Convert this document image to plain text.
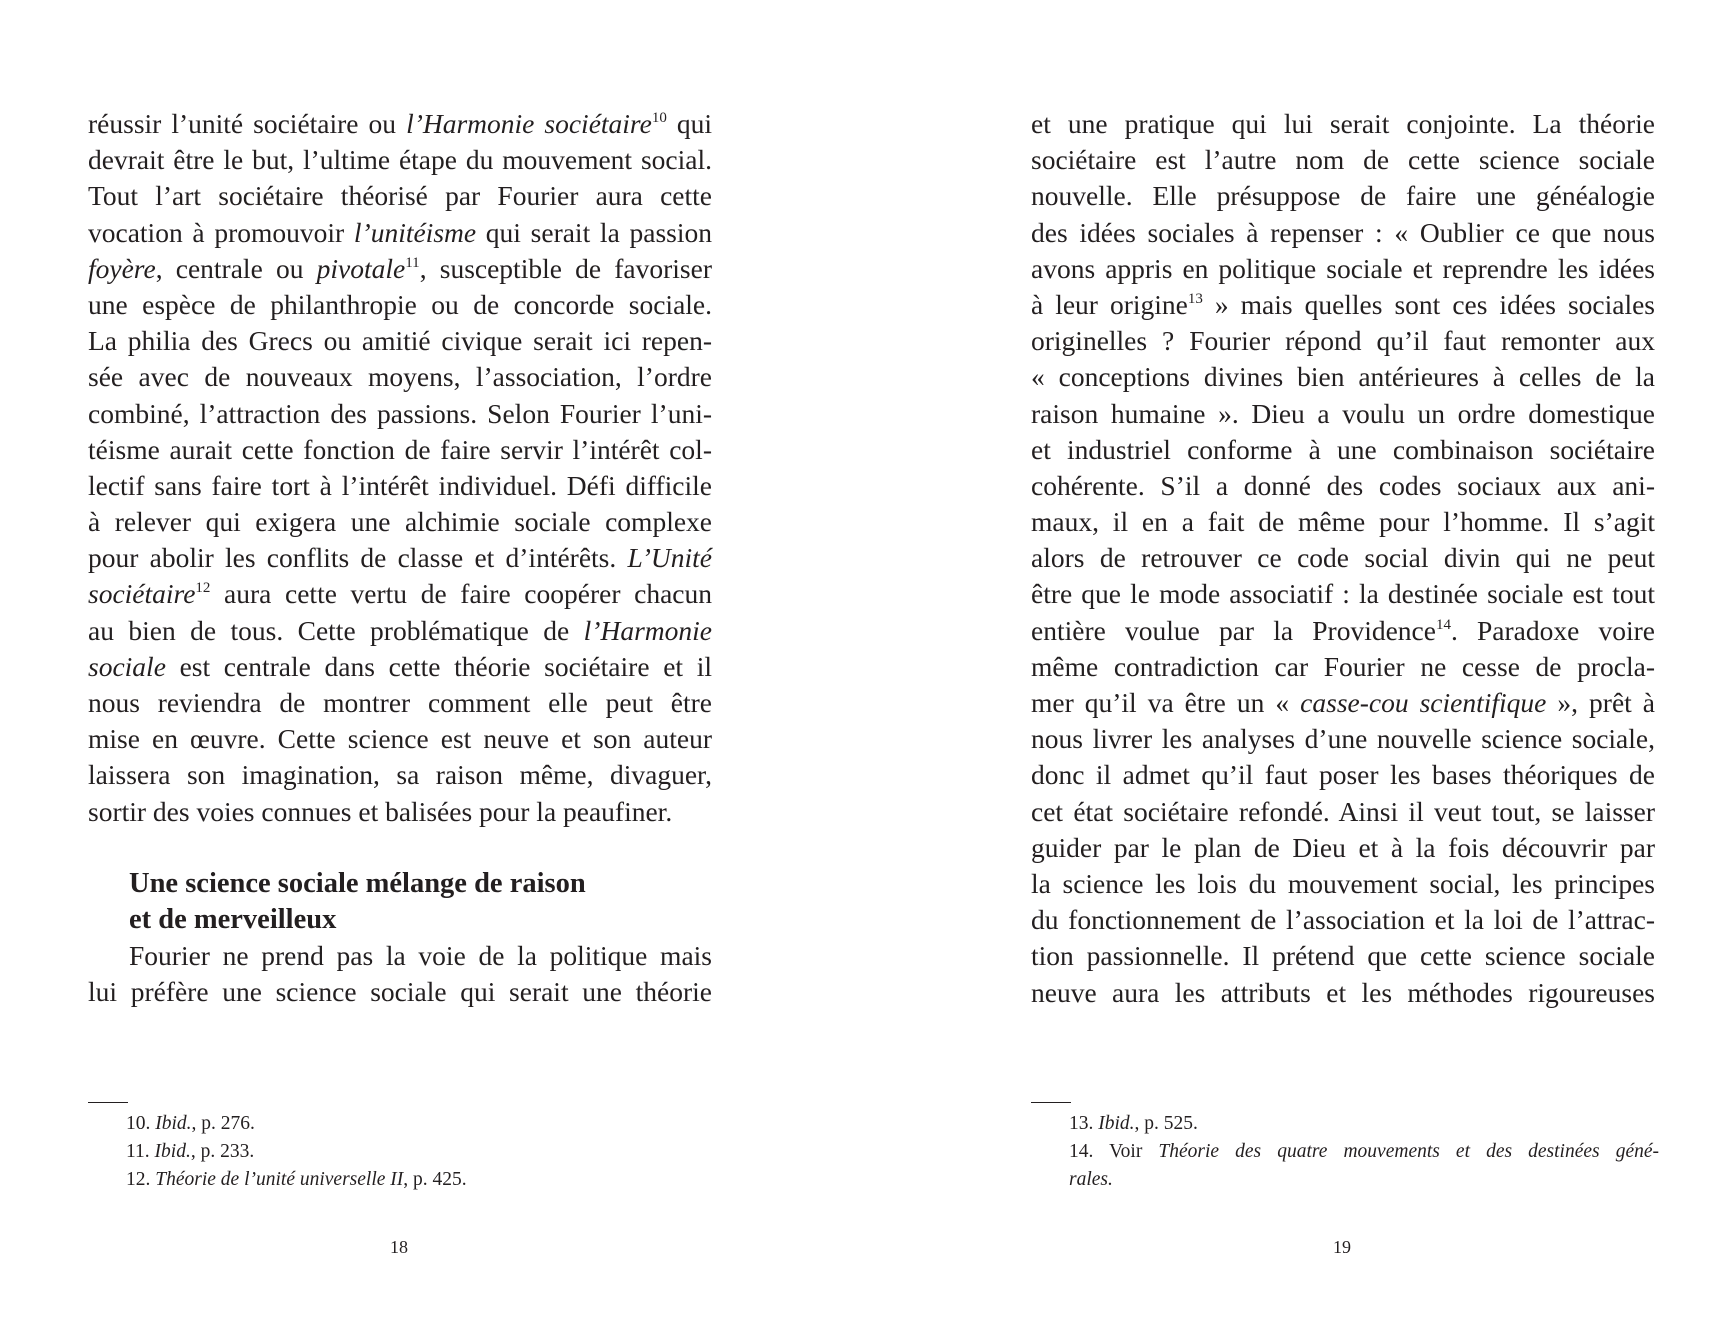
réussir l’unité sociétaire ou l’Harmonie sociétaire$^{10}$ qui
devrait être le but, l’ultime étape du mouvement social.
Tout l’art sociétaire théorisé par Fourier aura cette
vocation à promouvoir l’unitéisme qui serait la passion
foyère, centrale ou pivotale$^{11}$, susceptible de favoriser
une espèce de philanthropie ou de concorde sociale.
La philia des Grecs ou amitié civique serait ici repen-
sée avec de nouveaux moyens, l’association, l’ordre
combiné, l’attraction des passions. Selon Fourier l’uni-
téisme aurait cette fonction de faire servir l’intérêt col-
lectif sans faire tort à l’intérêt individuel. Défi difficile
à relever qui exigera une alchimie sociale complexe
pour abolir les conflits de classe et d’intérêts. L’Unité
sociétaire$^{12}$ aura cette vertu de faire coopérer chacun
au bien de tous. Cette problématique de l’Harmonie
sociale est centrale dans cette théorie sociétaire et il
nous reviendra de montrer comment elle peut être
mise en œuvre. Cette science est neuve et son auteur
laissera son imagination, sa raison même, divaguer,
sortir des voies connues et balisées pour la peaufiner.
Une science sociale mélange de raison
et de merveilleux
Fourier ne prend pas la voie de la politique mais
lui préfère une science sociale qui serait une théorie
10. Ibid., p. 276.
11. Ibid., p. 233.
12. Théorie de l’unité universelle II, p. 425.
18
et une pratique qui lui serait conjointe. La théorie
sociétaire est l’autre nom de cette science sociale
nouvelle. Elle présuppose de faire une généalogie
des idées sociales à repenser : « Oublier ce que nous
avons appris en politique sociale et reprendre les idées
à leur origine$^{13}$ » mais quelles sont ces idées sociales
originelles ? Fourier répond qu’il faut remonter aux
« conceptions divines bien antérieures à celles de la
raison humaine ». Dieu a voulu un ordre domestique
et industriel conforme à une combinaison sociétaire
cohérente. S’il a donné des codes sociaux aux ani-
maux, il en a fait de même pour l’homme. Il s’agit
alors de retrouver ce code social divin qui ne peut
être que le mode associatif : la destinée sociale est tout
entière voulue par la Providence$^{14}$. Paradoxe voire
même contradiction car Fourier ne cesse de procla-
mer qu’il va être un « casse-cou scientifique », prêt à
nous livrer les analyses d’une nouvelle science sociale,
donc il admet qu’il faut poser les bases théoriques de
cet état sociétaire refondé. Ainsi il veut tout, se laisser
guider par le plan de Dieu et à la fois découvrir par
la science les lois du mouvement social, les principes
du fonctionnement de l’association et la loi de l’attrac-
tion passionnelle. Il prétend que cette science sociale
neuve aura les attributs et les méthodes rigoureuses
13. Ibid., p. 525.
14. Voir Théorie des quatre mouvements et des destinées géné-
rales.
19
